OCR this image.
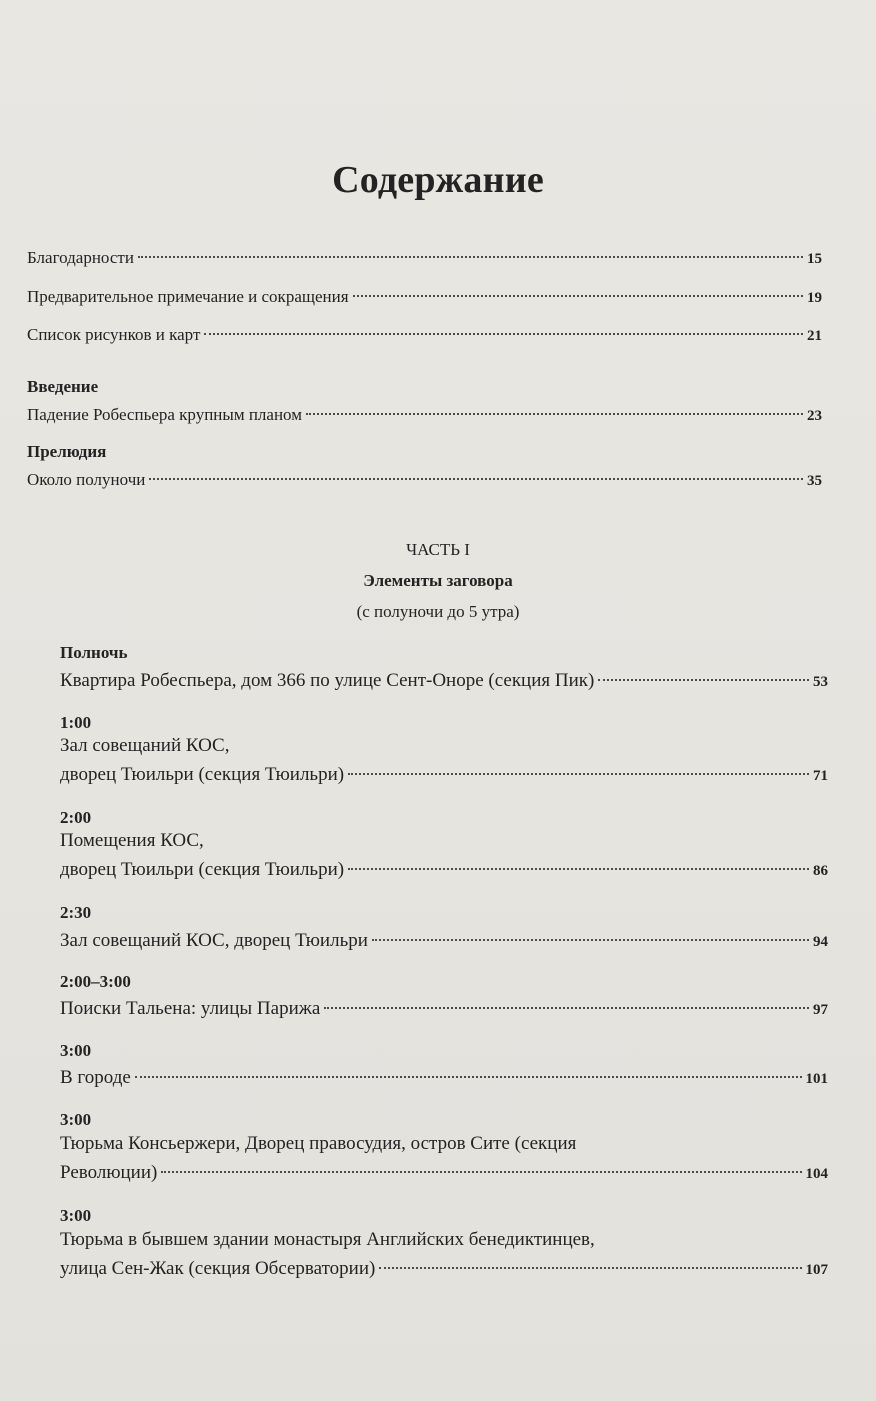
Содержание
Благодарности	15
Предварительное примечание и сокращения	19
Список рисунков и карт	21
Введение
Падение Робеспьера крупным планом	23
Прелюдия
Около полуночи	35
ЧАСТЬ I
Элементы заговора
(с полуночи до 5 утра)
Полночь
Квартира Робеспьера, дом 366 по улице Сент-Оноре (секция Пик)	53
1:00
Зал совещаний КОС,
дворец Тюильри (секция Тюильри)	71
2:00
Помещения КОС,
дворец Тюильри (секция Тюильри)	86
2:30
Зал совещаний КОС, дворец Тюильри	94
2:00–3:00
Поиски Тальена: улицы Парижа	97
3:00
В городе	101
3:00
Тюрьма Консьержери, Дворец правосудия, остров Сите (секция
Революции)	104
3:00
Тюрьма в бывшем здании монастыря Английских бенедиктинцев,
улица Сен-Жак (секция Обсерватории)	107
